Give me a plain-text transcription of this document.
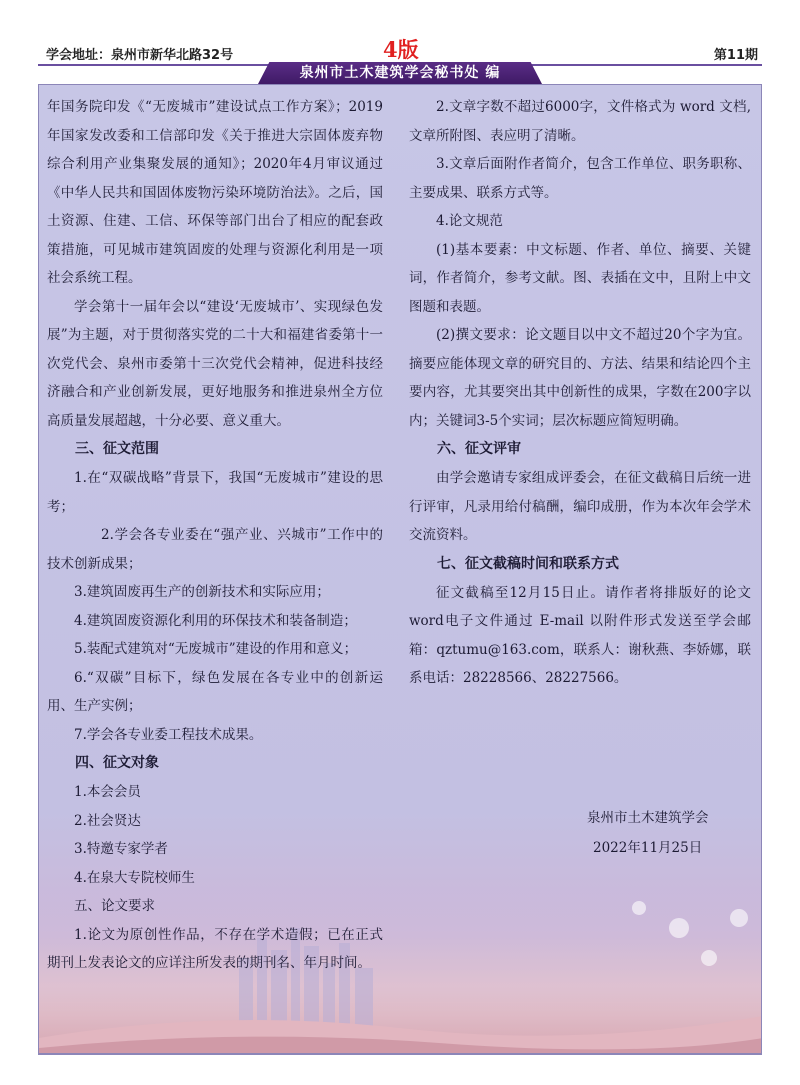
学会地址：泉州市新华北路32号	4版	第11期
泉州市土木建筑学会秘书处 编

年国务院印发《“无废城市”建设试点工作方案》；2019年国家发改委和工信部印发《关于推进大宗固体废弃物综合利用产业集聚发展的通知》；2020年4月审议通过《中华人民共和国固体废物污染环境防治法》。之后，国土资源、住建、工信、环保等部门出台了相应的配套政策措施，可见城市建筑固废的处理与资源化利用是一项社会系统工程。

学会第十一届年会以“建设‘无废城市’、实现绿色发展”为主题，对于贯彻落实党的二十大和福建省委第十一次党代会、泉州市委第十三次党代会精神，促进科技经济融合和产业创新发展，更好地服务和推进泉州全方位高质量发展超越，十分必要、意义重大。

三、征文范围

1.在“双碳战略”背景下，我国“无废城市”建设的思考；

2.学会各专业委在“强产业、兴城市”工作中的技术创新成果；

3.建筑固废再生产的创新技术和实际应用；

4.建筑固废资源化利用的环保技术和装备制造；

5.装配式建筑对“无废城市”建设的作用和意义；

6.“双碳”目标下，绿色发展在各专业中的创新运用、生产实例；

7.学会各专业委工程技术成果。

四、征文对象

1.本会会员

2.社会贤达

3.特邀专家学者

4.在泉大专院校师生

五、论文要求

1.论文为原创性作品，不存在学术造假；已在正式期刊上发表论文的应详注所发表的期刊名、年月时间。

2.文章字数不超过6000字，文件格式为 word 文档,文章所附图、表应明了清晰。

3.文章后面附作者简介，包含工作单位、职务职称、主要成果、联系方式等。

4.论文规范

(1)基本要素：中文标题、作者、单位、摘要、关键词，作者简介，参考文献。图、表插在文中，且附上中文图题和表题。

(2)撰文要求：论文题目以中文不超过20个字为宜。摘要应能体现文章的研究目的、方法、结果和结论四个主要内容，尤其要突出其中创新性的成果，字数在200字以内；关键词3-5个实词；层次标题应简短明确。

六、征文评审

由学会邀请专家组成评委会，在征文截稿日后统一进行评审，凡录用给付稿酬，编印成册，作为本次年会学术交流资料。

七、征文截稿时间和联系方式

征文截稿至12月15日止。请作者将排版好的论文word电子文件通过 E-mail 以附件形式发送至学会邮箱：qztumu@163.com，联系人：谢秋燕、李娇娜，联系电话：28228566、28227566。

泉州市土木建筑学会
2022年11月25日
